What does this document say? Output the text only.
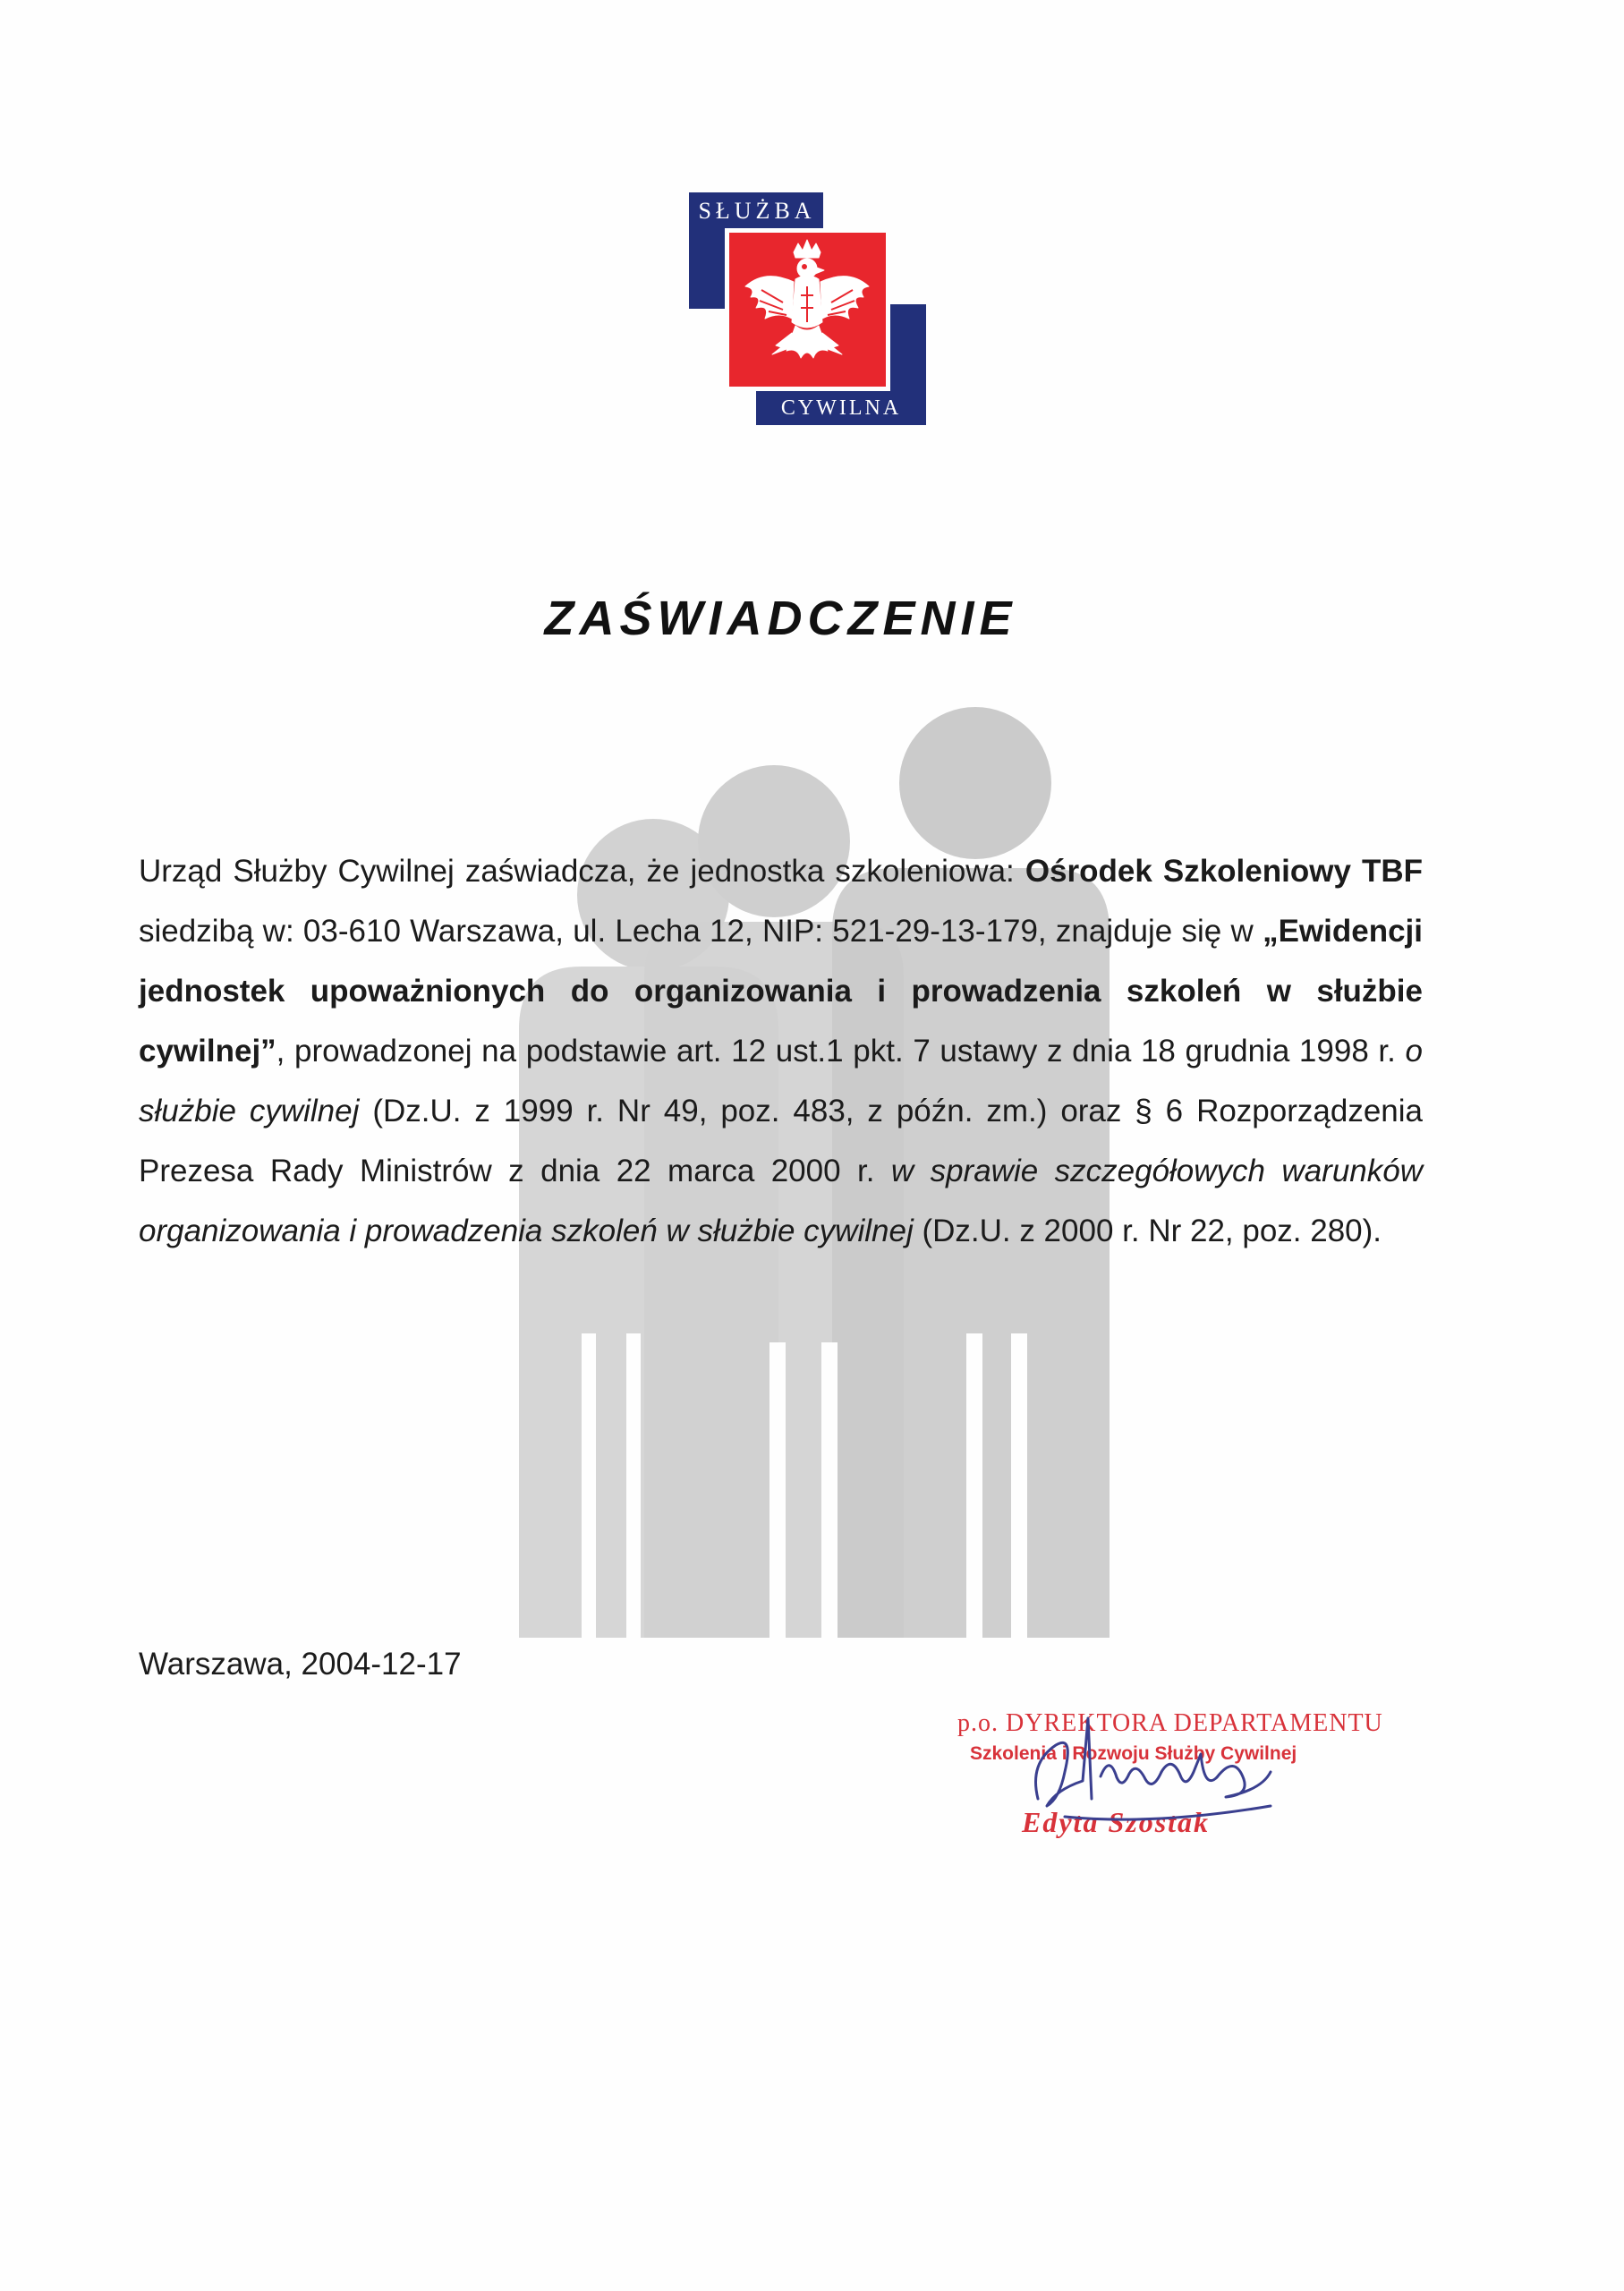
SŁUŻBA
CYWILNA
ZAŚWIADCZENIE
Urząd Służby Cywilnej zaświadcza, że jednostka szkoleniowa: Ośrodek Szkoleniowy TBF siedzibą w: 03-610 Warszawa, ul. Lecha 12, NIP: 521-29-13-179, znajduje się w „Ewidencji jednostek upoważnionych do organizowania i prowadzenia szkoleń w służbie cywilnej”, prowadzonej na podstawie art. 12 ust.1 pkt. 7 ustawy z dnia 18 grudnia 1998 r. o służbie cywilnej (Dz.U. z 1999 r. Nr 49, poz. 483, z późn. zm.) oraz § 6 Rozporządzenia Prezesa Rady Ministrów z dnia 22 marca 2000 r. w sprawie szczegółowych warunków organizowania i prowadzenia szkoleń w służbie cywilnej (Dz.U. z 2000 r. Nr 22, poz. 280).
Warszawa, 2004-12-17
p.o. DYREKTORA DEPARTAMENTU
Szkolenia i Rozwoju Służby Cywilnej
Edyta Szostak
